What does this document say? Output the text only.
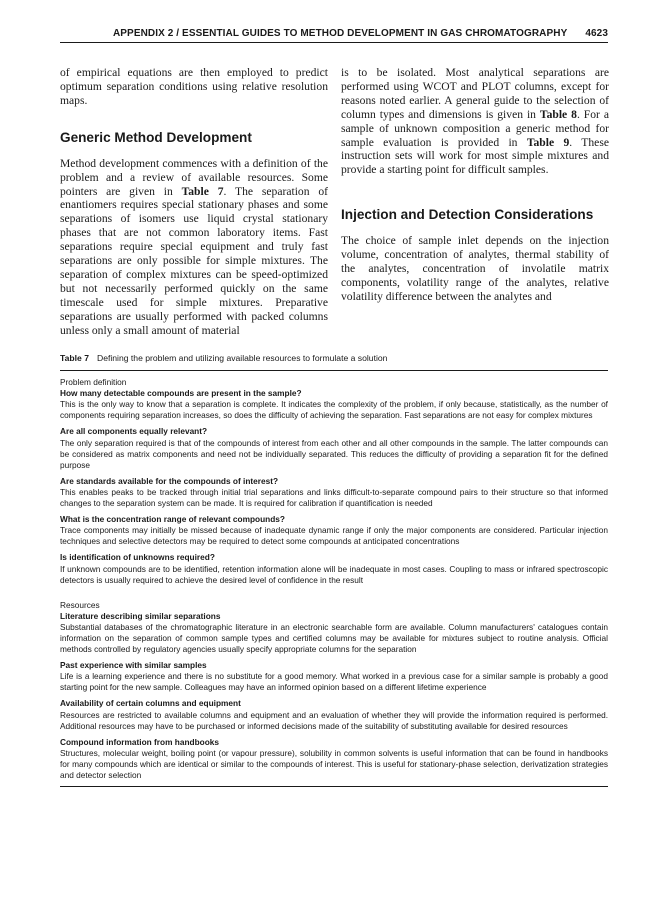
APPENDIX 2 / ESSENTIAL GUIDES TO METHOD DEVELOPMENT IN GAS CHROMATOGRAPHY 4623

of empirical equations are then employed to predict optimum separation conditions using relative resolution maps.

Generic Method Development

Method development commences with a definition of the problem and a review of available resources. Some pointers are given in Table 7. The separation of enantiomers requires special stationary phases and some separations of isomers use liquid crystal stationary phases that are not common laboratory items. Fast separations require special equipment and truly fast separations are only possible for simple mixtures. The separation of complex mixtures can be speed-optimized but not necessarily performed quickly on the same timescale used for simple mixtures. Preparative separations are usually performed with packed columns unless only a small amount of material

is to be isolated. Most analytical separations are performed using WCOT and PLOT columns, except for reasons noted earlier. A general guide to the selection of column types and dimensions is given in Table 8. For a sample of unknown composition a generic method for sample evaluation is provided in Table 9. These instruction sets will work for most simple mixtures and provide a starting point for difficult samples.

Injection and Detection Considerations

The choice of sample inlet depends on the injection volume, concentration of analytes, thermal stability of the analytes, concentration of involatile matrix components, volatility range of the analytes, relative volatility difference between the analytes and

Table 7 Defining the problem and utilizing available resources to formulate a solution
Problem definition
How many detectable compounds are present in the sample?
This is the only way to know that a separation is complete. It indicates the complexity of the problem, if only because, statistically, as the number of components requiring separation increases, so does the difficulty of achieving the separation. Fast separations are not easy for complex mixtures
Are all components equally relevant?
The only separation required is that of the compounds of interest from each other and all other compounds in the sample. The latter compounds can be considered as matrix components and need not be individually separated. This reduces the difficulty of providing a separation fit for the defined purpose
Are standards available for the compounds of interest?
This enables peaks to be tracked through initial trial separations and links difficult-to-separate compound pairs to their structure so that informed changes to the separation system can be made. It is required for calibration if quantification is needed
What is the concentration range of relevant compounds?
Trace components may initially be missed because of inadequate dynamic range if only the major components are considered. Particular injection techniques and selective detectors may be required to detect some compounds at anticipated concentrations
Is identification of unknowns required?
If unknown compounds are to be identified, retention information alone will be inadequate in most cases. Coupling to mass or infrared spectroscopic detectors is usually required to achieve the desired level of confidence in the result
Resources
Literature describing similar separations
Substantial databases of the chromatographic literature in an electronic searchable form are available. Column manufacturers' catalogues contain information on the separation of common sample types and certified columns may be available for mixtures subject to routine analysis. Official methods controlled by regulatory agencies usually specify appropriate columns for the separation
Past experience with similar samples
Life is a learning experience and there is no substitute for a good memory. What worked in a previous case for a similar sample is probably a good starting point for the new sample. Colleagues may have an informed opinion based on a different lifetime experience
Availability of certain columns and equipment
Resources are restricted to available columns and equipment and an evaluation of whether they will provide the information required is performed. Additional resources may have to be purchased or informed decisions made of the suitability of substituting available for desired resources
Compound information from handbooks
Structures, molecular weight, boiling point (or vapour pressure), solubility in common solvents is useful information that can be found in handbooks for many compounds which are identical or similar to the compounds of interest. This is useful for stationary-phase selection, derivatization strategies and detector selection
